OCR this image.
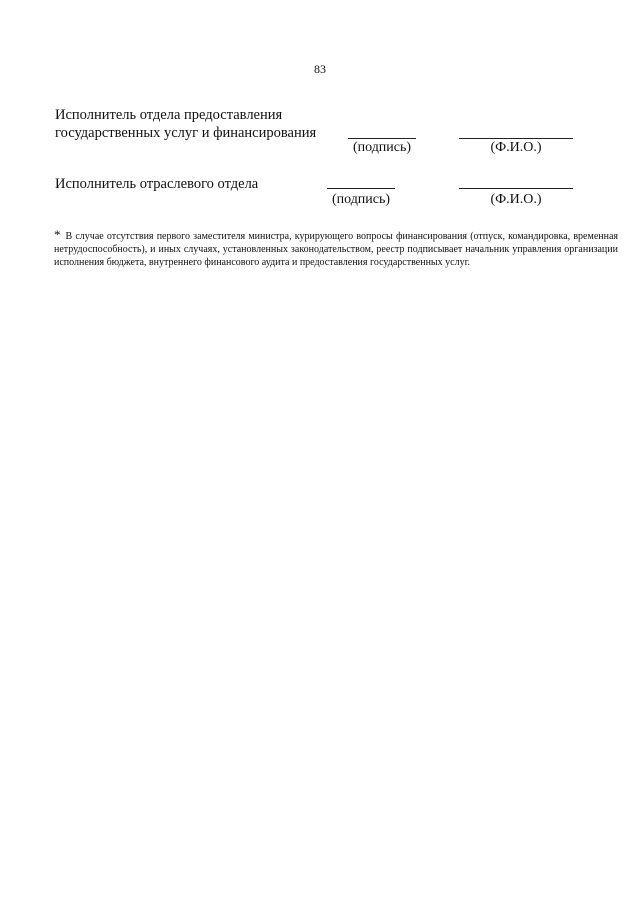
83
Исполнитель отдела предоставления
государственных услуг и финансирования
(подпись)	(Ф.И.О.)
Исполнитель отраслевого отдела
(подпись)	(Ф.И.О.)
* В случае отсутствия первого заместителя министра, курирующего вопросы финансирования (отпуск, командировка, временная нетрудоспособность), и иных случаях, установленных законодательством, реестр подписывает начальник управления организации исполнения бюджета, внутреннего финансового аудита и предоставления государственных услуг.
